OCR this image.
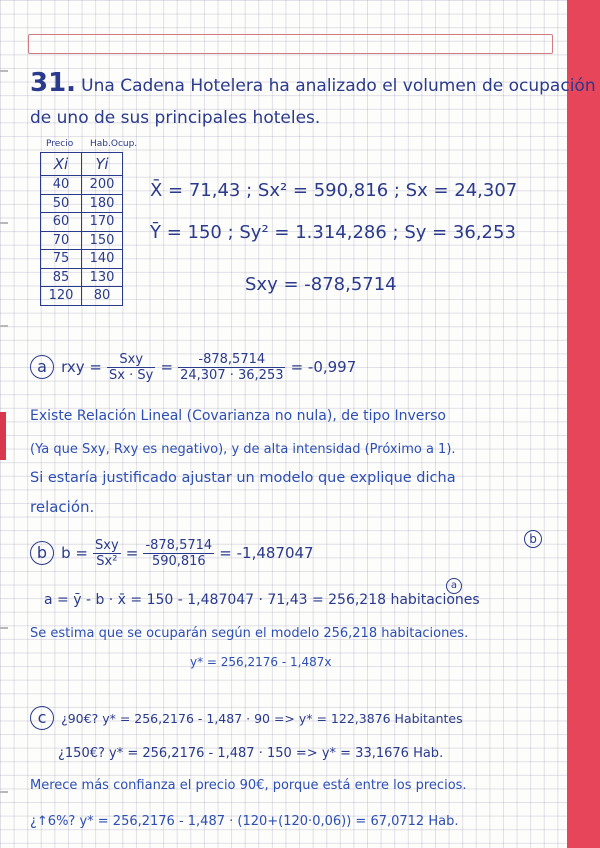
31. Una Cadena Hotelera ha analizado el volumen de ocupación
de uno de sus principales hoteles.
Precio Hab.Ocup.
Xi	Yi
40	200
50	180
60	170
70	150
75	140
85	130
120	80
X̄ = 71,43 ; Sx² = 590,816 ; Sx = 24,307
Ȳ = 150 ; Sy² = 1.314,286 ; Sy = 36,253
Sxy = -878,5714
a rxy = $\frac{\text{Sxy}}{Sx \cdot Sy} = \frac{-878,5714}{24,307 \cdot 36,253} = -0,997$
Existe Relación Lineal (Covarianza no nula), de tipo Inverso
(Ya que Sxy, Rxy es negativo), y de alta intensidad (Próximo a 1).
Si estaría justificado ajustar un modelo que explique dicha
relación.
b
b $b = \frac{\text{Sxy}}{\text{Sx²}} = \frac{-878,5714}{590,816} = -1,487047$
a
a = ȳ - b · x̄ = 150 - 1,487047 · 71,43 = 256,218 habitaciones
Se estima que se ocuparán según el modelo 256,218 habitaciones.
y* = 256,2176 - 1,487x
c ¿90€? y* = 256,2176 - 1,487 · 90 => y* = 122,3876 Habitantes
¿150€? y* = 256,2176 - 1,487 · 150 => y* = 33,1676 Hab.
Merece más confianza el precio 90€, porque está entre los precios.
¿↑6%? y* = 256,2176 - 1,487 · (120+(120·0,06)) = 67,0712 Hab.
